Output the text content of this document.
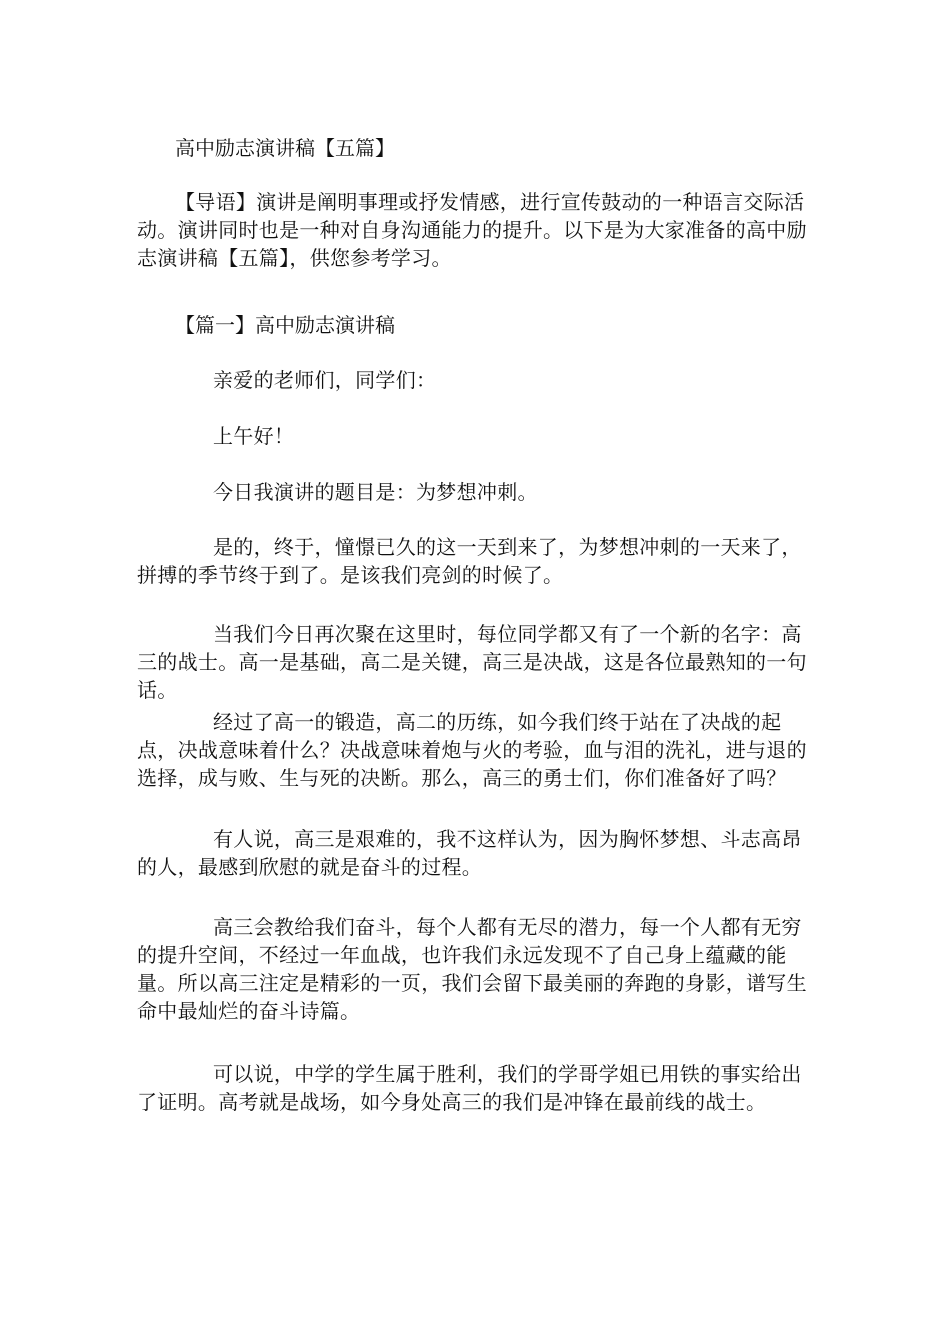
高中励志演讲稿【五篇】

【导语】演讲是阐明事理或抒发情感，进行宣传鼓动的一种语言交际活动。演讲同时也是一种对自身沟通能力的提升。以下是为大家准备的高中励志演讲稿【五篇】，供您参考学习。

【篇一】高中励志演讲稿

亲爱的老师们，同学们：

上午好！

今日我演讲的题目是：为梦想冲刺。

是的，终于，憧憬已久的这一天到来了，为梦想冲刺的一天来了，拼搏的季节终于到了。是该我们亮剑的时候了。

当我们今日再次聚在这里时，每位同学都又有了一个新的名字：高三的战士。高一是基础，高二是关键，高三是决战，这是各位最熟知的一句话。

经过了高一的锻造，高二的历练，如今我们终于站在了决战的起点，决战意味着什么？决战意味着炮与火的考验，血与泪的洗礼，进与退的选择，成与败、生与死的决断。那么，高三的勇士们，你们准备好了吗？

有人说，高三是艰难的，我不这样认为，因为胸怀梦想、斗志高昂的人，最感到欣慰的就是奋斗的过程。

高三会教给我们奋斗，每个人都有无尽的潜力，每一个人都有无穷的提升空间，不经过一年血战，也许我们永远发现不了自己身上蕴藏的能量。所以高三注定是精彩的一页，我们会留下最美丽的奔跑的身影，谱写生命中最灿烂的奋斗诗篇。

可以说，中学的学生属于胜利，我们的学哥学姐已用铁的事实给出了证明。高考就是战场，如今身处高三的我们是冲锋在最前线的战士。
